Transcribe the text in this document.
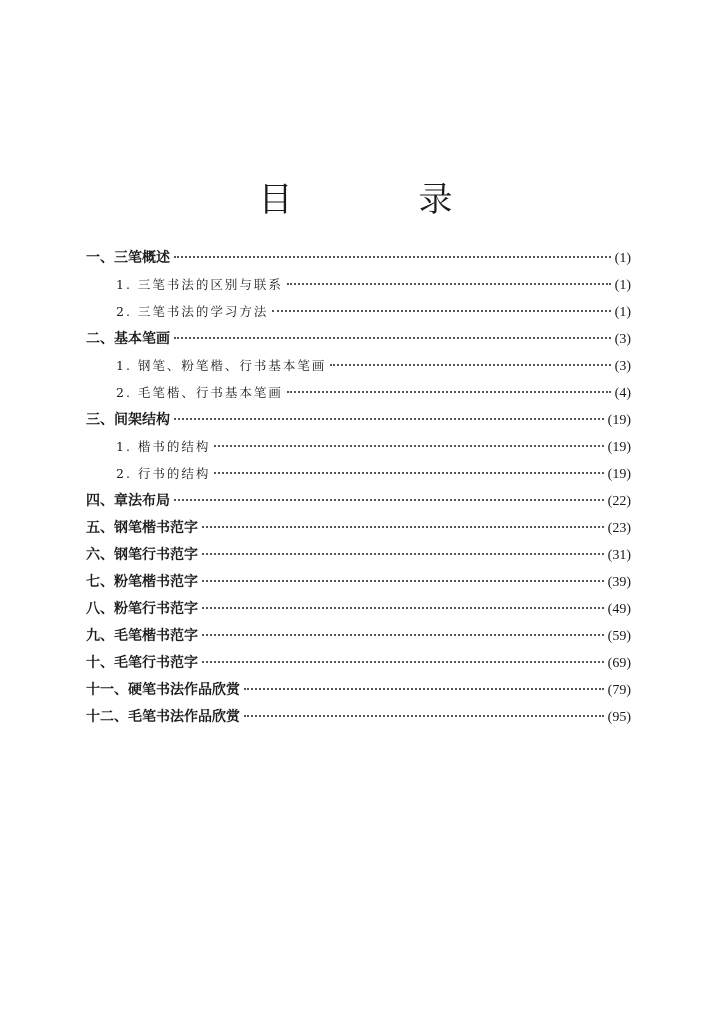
目　录
一、三笔概述	(1)
1. 三笔书法的区别与联系	(1)
2. 三笔书法的学习方法	(1)
二、基本笔画	(3)
1. 钢笔、粉笔楷、行书基本笔画	(3)
2. 毛笔楷、行书基本笔画	(4)
三、间架结构	(19)
1. 楷书的结构	(19)
2. 行书的结构	(19)
四、章法布局	(22)
五、钢笔楷书范字	(23)
六、钢笔行书范字	(31)
七、粉笔楷书范字	(39)
八、粉笔行书范字	(49)
九、毛笔楷书范字	(59)
十、毛笔行书范字	(69)
十一、硬笔书法作品欣赏	(79)
十二、毛笔书法作品欣赏	(95)
